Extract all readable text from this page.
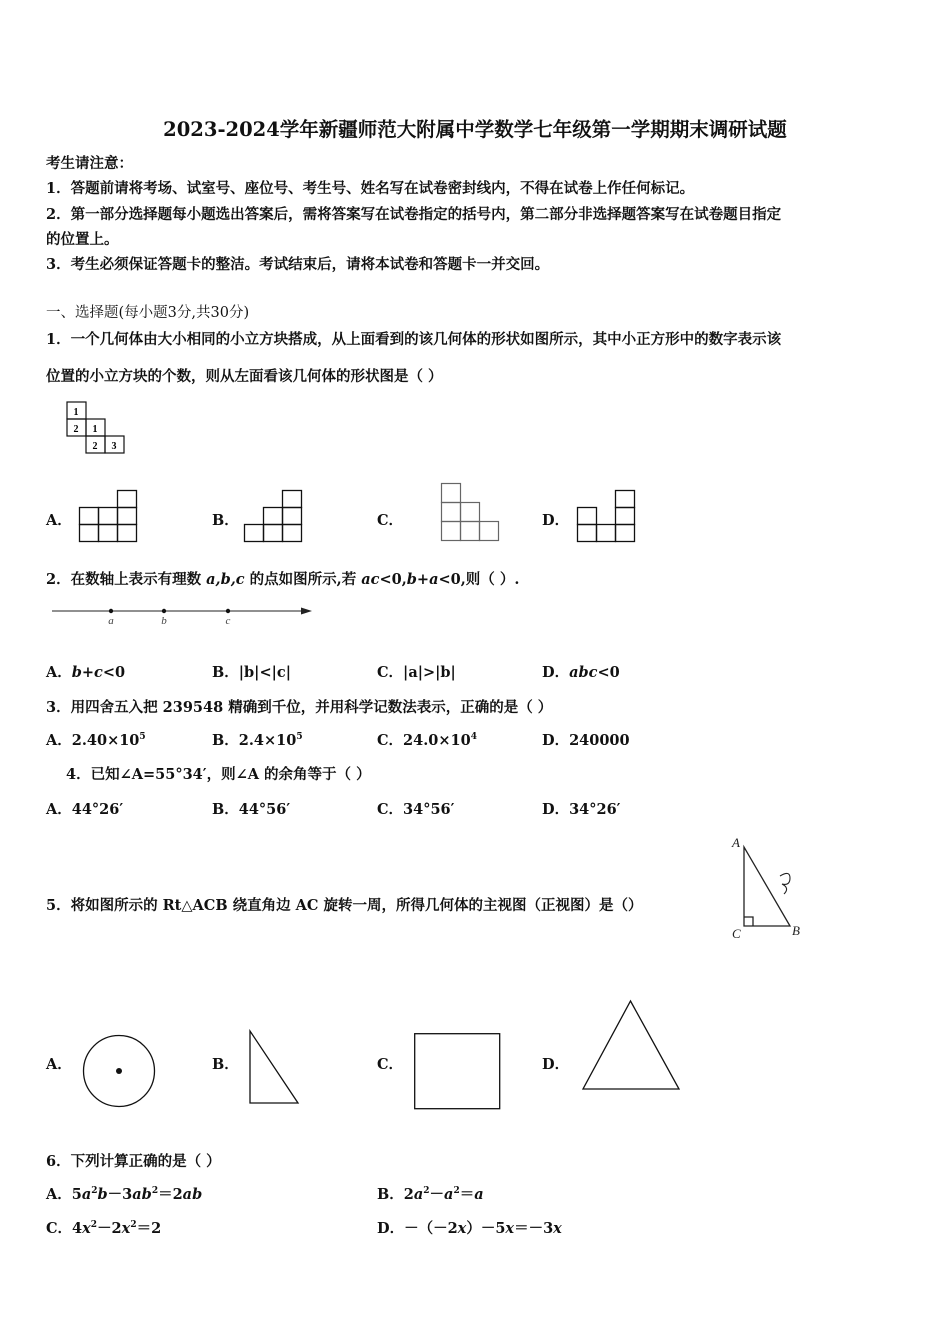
2023-2024学年新疆师范大附属中学数学七年级第一学期期末调研试题
考生请注意：
1．答题前请将考场、试室号、座位号、考生号、姓名写在试卷密封线内，不得在试卷上作任何标记。
2．第一部分选择题每小题选出答案后，需将答案写在试卷指定的括号内，第二部分非选择题答案写在试卷题目指定
的位置上。
3．考生必须保证答题卡的整洁。考试结束后，请将本试卷和答题卡一并交回。
一、选择题(每小题3分,共30分)
1．一个几何体由大小相同的小立方块搭成，从上面看到的该几何体的形状如图所示，其中小正方形中的数字表示该
位置的小立方块的个数，则从左面看该几何体的形状图是（ ）
1
2 1
2 3
A．	B．	C．	D．
2．在数轴上表示有理数 a,b,c 的点如图所示,若 ac<0,b+a<0,则（ ）.
a	b	c
A．b+c<0	B．|b|<|c|	C．|a|>|b|	D．abc<0
3．用四舍五入把 239548 精确到千位，并用科学记数法表示，正确的是（ ）
A．$2.40\times 10^5$	B．$2.4\times 10^5$	C．$24.0\times 10^4$	D．240000
4．已知∠A=55°34′，则∠A 的余角等于（ ）
A．44°26′	B．44°56′	C．34°56′	D．34°26′
5．将如图所示的 Rt△ACB 绕直角边 AC 旋转一周，所得几何体的主视图（正视图）是（）
A
C	B
A．	B．	C．	D．
6．下列计算正确的是（ ）
A．$5a^2b-3ab^2=2ab$	B．$2a^2-a^2=a$
C．$4x^2-2x^2=2$	D．－（－2x）－5x＝－3x
